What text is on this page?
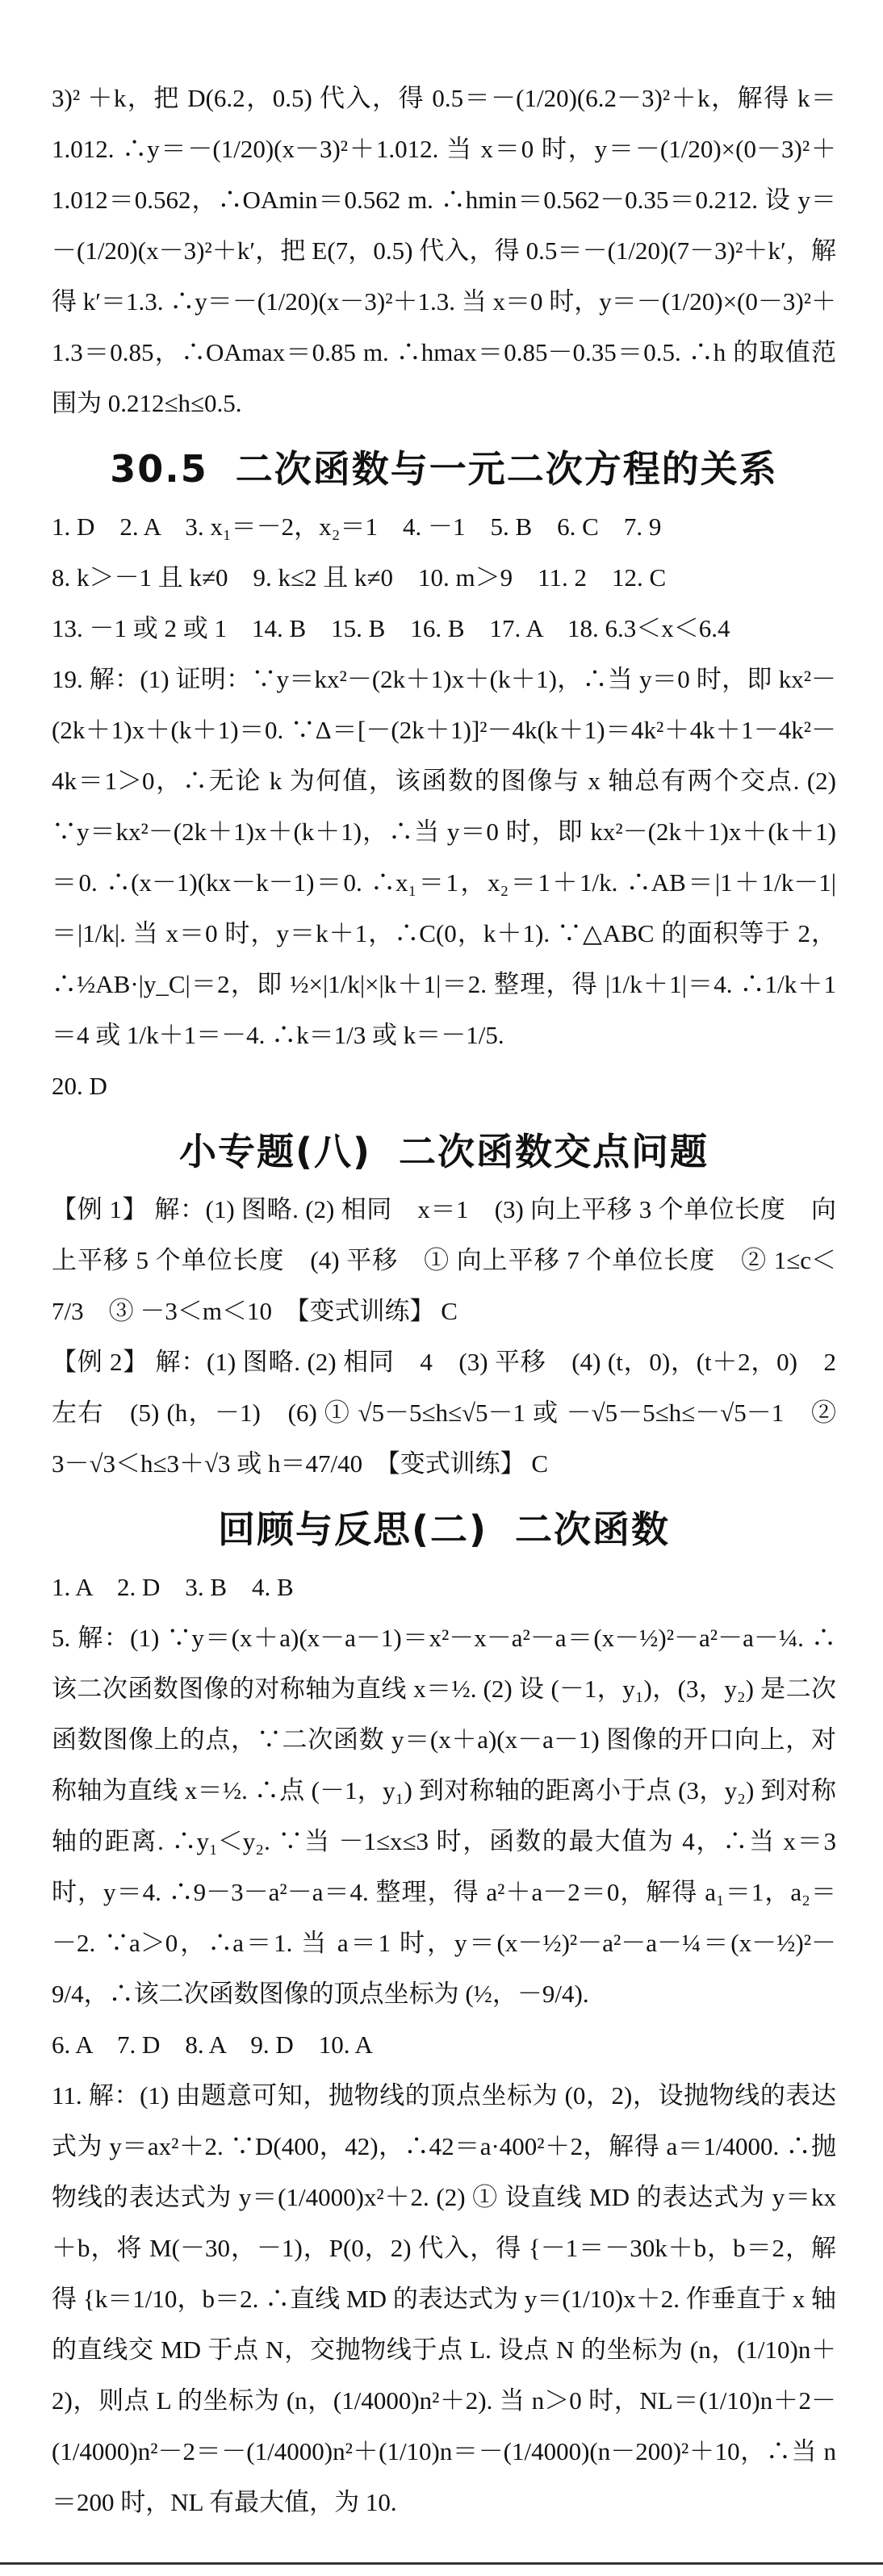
3)² ＋k，把 D(6.2，0.5) 代入，得 0.5＝－(1/20)(6.2－3)²＋k，解得 k＝1.012. ∴y＝－(1/20)(x－3)²＋1.012. 当 x＝0 时，y＝－(1/20)×(0－3)²＋1.012＝0.562，∴OAmin＝0.562 m. ∴hmin＝0.562－0.35＝0.212. 设 y＝－(1/20)(x－3)²＋k′，把 E(7，0.5) 代入，得 0.5＝－(1/20)(7－3)²＋k′，解得 k′＝1.3. ∴y＝－(1/20)(x－3)²＋1.3. 当 x＝0 时，y＝－(1/20)×(0－3)²＋1.3＝0.85，∴OAmax＝0.85 m. ∴hmax＝0.85－0.35＝0.5. ∴h 的取值范围为 0.212≤h≤0.5.

30.5 二次函数与一元二次方程的关系

1. D　2. A　3. x₁＝－2，x₂＝1　4. －1　5. B　6. C　7. 9

8. k＞－1 且 k≠0　9. k≤2 且 k≠0　10. m＞9　11. 2　12. C

13. －1 或 2 或 1　14. B　15. B　16. B　17. A　18. 6.3＜x＜6.4

19. 解：(1) 证明：∵y＝kx²－(2k＋1)x＋(k＋1)，∴当 y＝0 时，即 kx²－(2k＋1)x＋(k＋1)＝0. ∵Δ＝[－(2k＋1)]²－4k(k＋1)＝4k²＋4k＋1－4k²－4k＝1＞0，∴无论 k 为何值，该函数的图像与 x 轴总有两个交点. (2) ∵y＝kx²－(2k＋1)x＋(k＋1)，∴当 y＝0 时，即 kx²－(2k＋1)x＋(k＋1)＝0. ∴(x－1)(kx－k－1)＝0. ∴x₁＝1，x₂＝1＋1/k. ∴AB＝|1＋1/k－1|＝|1/k|. 当 x＝0 时，y＝k＋1，∴C(0，k＋1). ∵△ABC 的面积等于 2，∴½AB·|y_C|＝2，即 ½×|1/k|×|k＋1|＝2. 整理，得 |1/k＋1|＝4. ∴1/k＋1＝4 或 1/k＋1＝－4. ∴k＝1/3 或 k＝－1/5.

20. D

小专题(八) 二次函数交点问题

【例 1】 解：(1) 图略. (2) 相同　x＝1　(3) 向上平移 3 个单位长度　向上平移 5 个单位长度　(4) 平移　① 向上平移 7 个单位长度　② 1≤c＜7/3　③ －3＜m＜10　【变式训练】 C

【例 2】 解：(1) 图略. (2) 相同　4　(3) 平移　(4) (t，0)，(t＋2，0)　2　左右　(5) (h，－1)　(6) ① √5－5≤h≤√5－1 或 －√5－5≤h≤－√5－1　② 3－√3＜h≤3＋√3 或 h＝47/40　【变式训练】 C

回顾与反思(二) 二次函数

1. A　2. D　3. B　4. B

5. 解：(1) ∵y＝(x＋a)(x－a－1)＝x²－x－a²－a＝(x－½)²－a²－a－¼. ∴该二次函数图像的对称轴为直线 x＝½. (2) 设 (－1，y₁)，(3，y₂) 是二次函数图像上的点，∵二次函数 y＝(x＋a)(x－a－1) 图像的开口向上，对称轴为直线 x＝½. ∴点 (－1，y₁) 到对称轴的距离小于点 (3，y₂) 到对称轴的距离. ∴y₁＜y₂. ∵当 －1≤x≤3 时，函数的最大值为 4，∴当 x＝3 时，y＝4. ∴9－3－a²－a＝4. 整理，得 a²＋a－2＝0，解得 a₁＝1，a₂＝－2. ∵a＞0，∴a＝1. 当 a＝1 时，y＝(x－½)²－a²－a－¼＝(x－½)²－9/4，∴该二次函数图像的顶点坐标为 (½，－9/4).

6. A　7. D　8. A　9. D　10. A

11. 解：(1) 由题意可知，抛物线的顶点坐标为 (0，2)，设抛物线的表达式为 y＝ax²＋2. ∵D(400，42)，∴42＝a·400²＋2，解得 a＝1/4000. ∴抛物线的表达式为 y＝(1/4000)x²＋2. (2) ① 设直线 MD 的表达式为 y＝kx＋b，将 M(－30，－1)，P(0，2) 代入，得 {－1＝－30k＋b，b＝2，解得 {k＝1/10，b＝2. ∴直线 MD 的表达式为 y＝(1/10)x＋2. 作垂直于 x 轴的直线交 MD 于点 N，交抛物线于点 L. 设点 N 的坐标为 (n，(1/10)n＋2)，则点 L 的坐标为 (n，(1/4000)n²＋2). 当 n＞0 时，NL＝(1/10)n＋2－(1/4000)n²－2＝－(1/4000)n²＋(1/10)n＝－(1/4000)(n－200)²＋10，∴当 n＝200 时，NL 有最大值，为 10.
